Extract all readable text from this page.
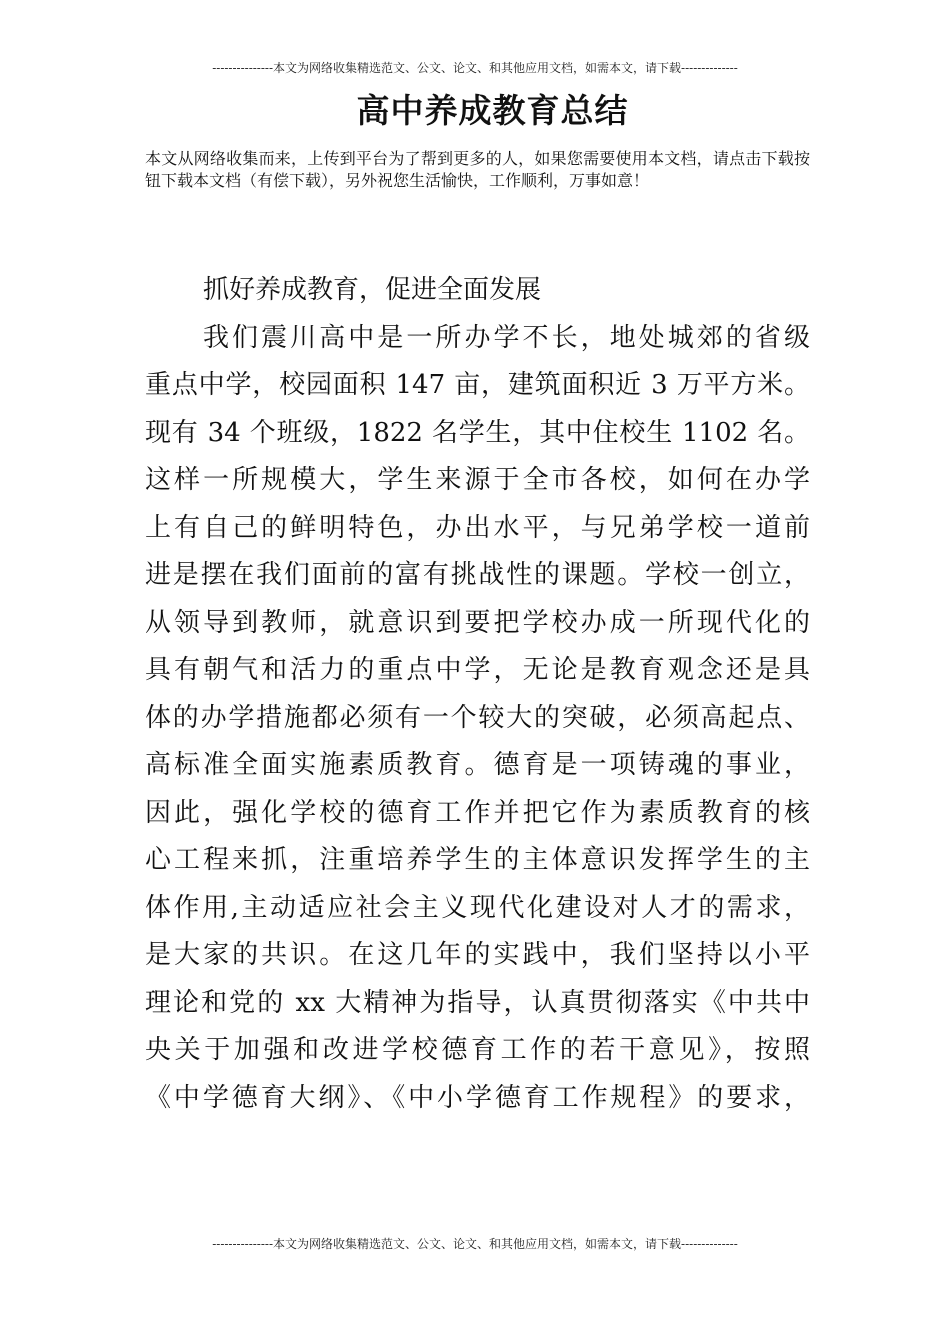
---------------本文为网络收集精选范文、公文、论文、和其他应用文档，如需本文，请下载--------------
高中养成教育总结
本文从网络收集而来，上传到平台为了帮到更多的人，如果您需要使用本文档，请点击下载按钮下载本文档（有偿下载），另外祝您生活愉快，工作顺利，万事如意！
抓好养成教育，促进全面发展
我们震川高中是一所办学不长，地处城郊的省级
重点中学，校园面积 147 亩，建筑面积近 3 万平方米。
现有 34 个班级，1822 名学生，其中住校生 1102 名。
这样一所规模大，学生来源于全市各校，如何在办学
上有自己的鲜明特色，办出水平，与兄弟学校一道前
进是摆在我们面前的富有挑战性的课题。学校一创立，
从领导到教师，就意识到要把学校办成一所现代化的
具有朝气和活力的重点中学，无论是教育观念还是具
体的办学措施都必须有一个较大的突破，必须高起点、
高标准全面实施素质教育。德育是一项铸魂的事业，
因此，强化学校的德育工作并把它作为素质教育的核
心工程来抓，注重培养学生的主体意识发挥学生的主
体作用,主动适应社会主义现代化建设对人才的需求，
是大家的共识。在这几年的实践中，我们坚持以小平
理论和党的 xx 大精神为指导，认真贯彻落实《中共中
央关于加强和改进学校德育工作的若干意见》，按照
《中学德育大纲》、《中小学德育工作规程》的要求，
---------------本文为网络收集精选范文、公文、论文、和其他应用文档，如需本文，请下载--------------
